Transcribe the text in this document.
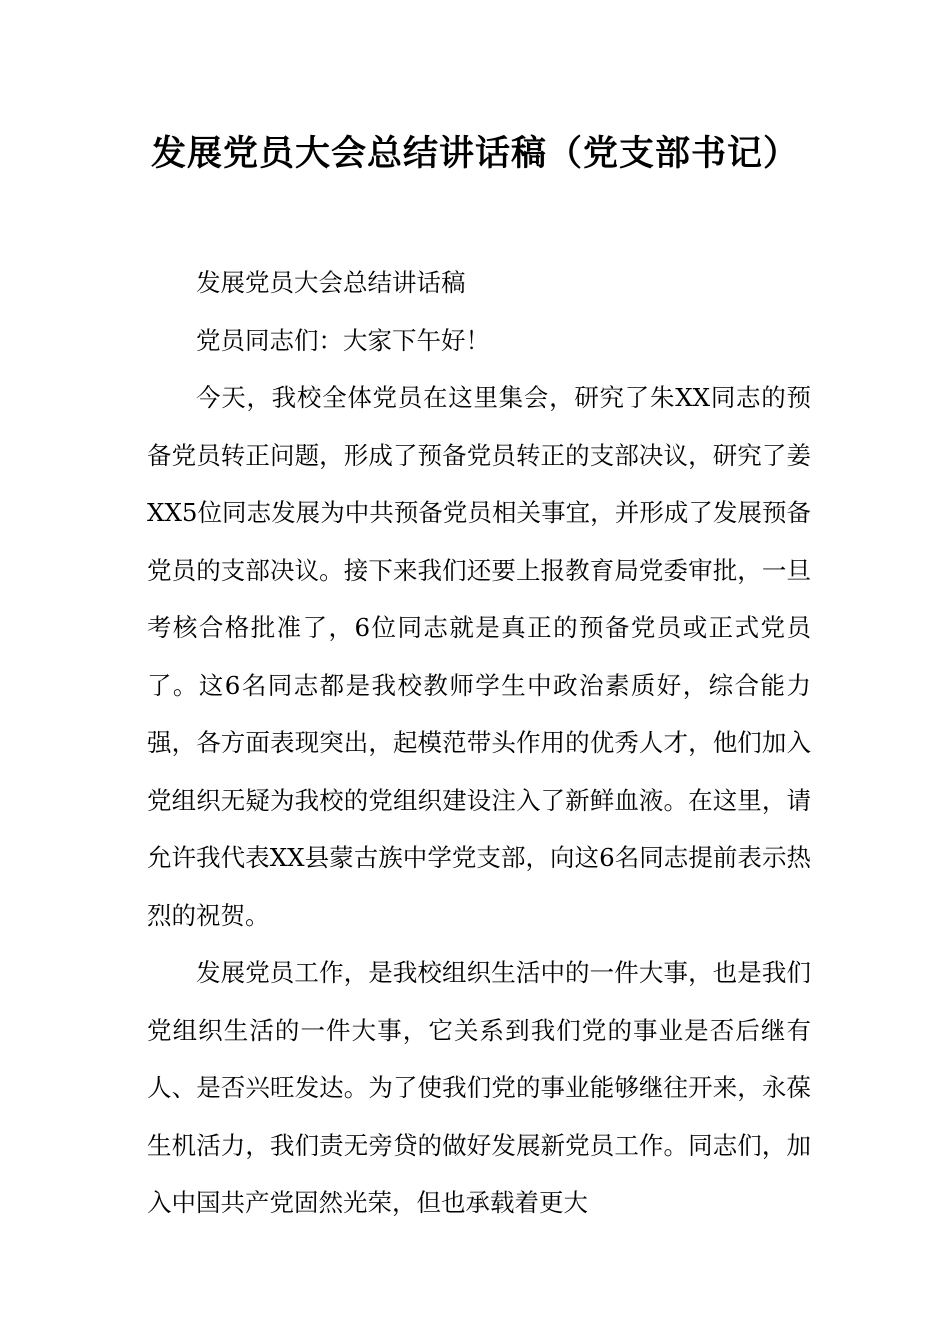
发展党员大会总结讲话稿（党支部书记）

发展党员大会总结讲话稿

党员同志们：大家下午好！

今天，我校全体党员在这里集会，研究了朱XX同志的预备党员转正问题，形成了预备党员转正的支部决议，研究了姜XX5位同志发展为中共预备党员相关事宜，并形成了发展预备党员的支部决议。接下来我们还要上报教育局党委审批，一旦考核合格批准了，6位同志就是真正的预备党员或正式党员了。这6名同志都是我校教师学生中政治素质好，综合能力强，各方面表现突出，起模范带头作用的优秀人才，他们加入党组织无疑为我校的党组织建设注入了新鲜血液。在这里，请允许我代表XX县蒙古族中学党支部，向这6名同志提前表示热烈的祝贺。

发展党员工作，是我校组织生活中的一件大事，也是我们党组织生活的一件大事，它关系到我们党的事业是否后继有人、是否兴旺发达。为了使我们党的事业能够继往开来，永葆生机活力，我们责无旁贷的做好发展新党员工作。同志们，加入中国共产党固然光荣，但也承载着更大
